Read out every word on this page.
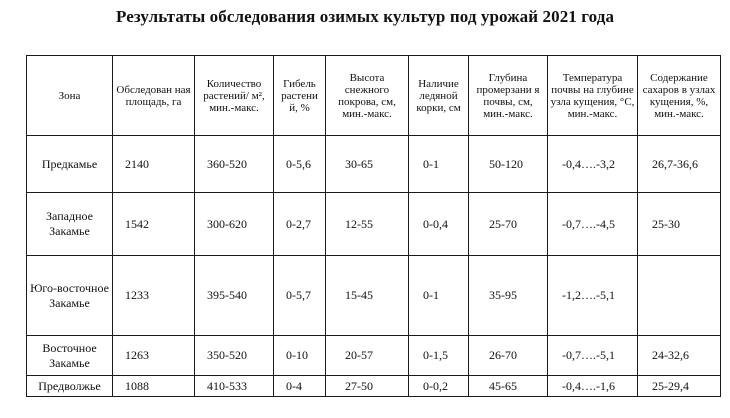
Результаты обследования озимых культур под урожай 2021 года
Зона	Обследован ная площадь, га	Количество растений/ м², мин.-макс.	Гибель растени й, %	Высота снежного покрова, см, мин.-макс.	Наличие ледяной корки, см	Глубина промерзани я почвы, см, мин.-макс.	Температура почвы на глубине узла кущения, °С, мин.-макс.	Содержание сахаров в узлах кущения, %, мин.-макс.
Предкамье	2140	360-520	0-5,6	30-65	0-1	50-120	-0,4….-3,2	26,7-36,6
Западное Закамье	1542	300-620	0-2,7	12-55	0-0,4	25-70	-0,7….-4,5	25-30
Юго-восточное Закамье	1233	395-540	0-5,7	15-45	0-1	35-95	-1,2….-5,1	
Восточное Закамье	1263	350-520	0-10	20-57	0-1,5	26-70	-0,7….-5,1	24-32,6
Предволжье	1088	410-533	0-4	27-50	0-0,2	45-65	-0,4….-1,6	25-29,4
